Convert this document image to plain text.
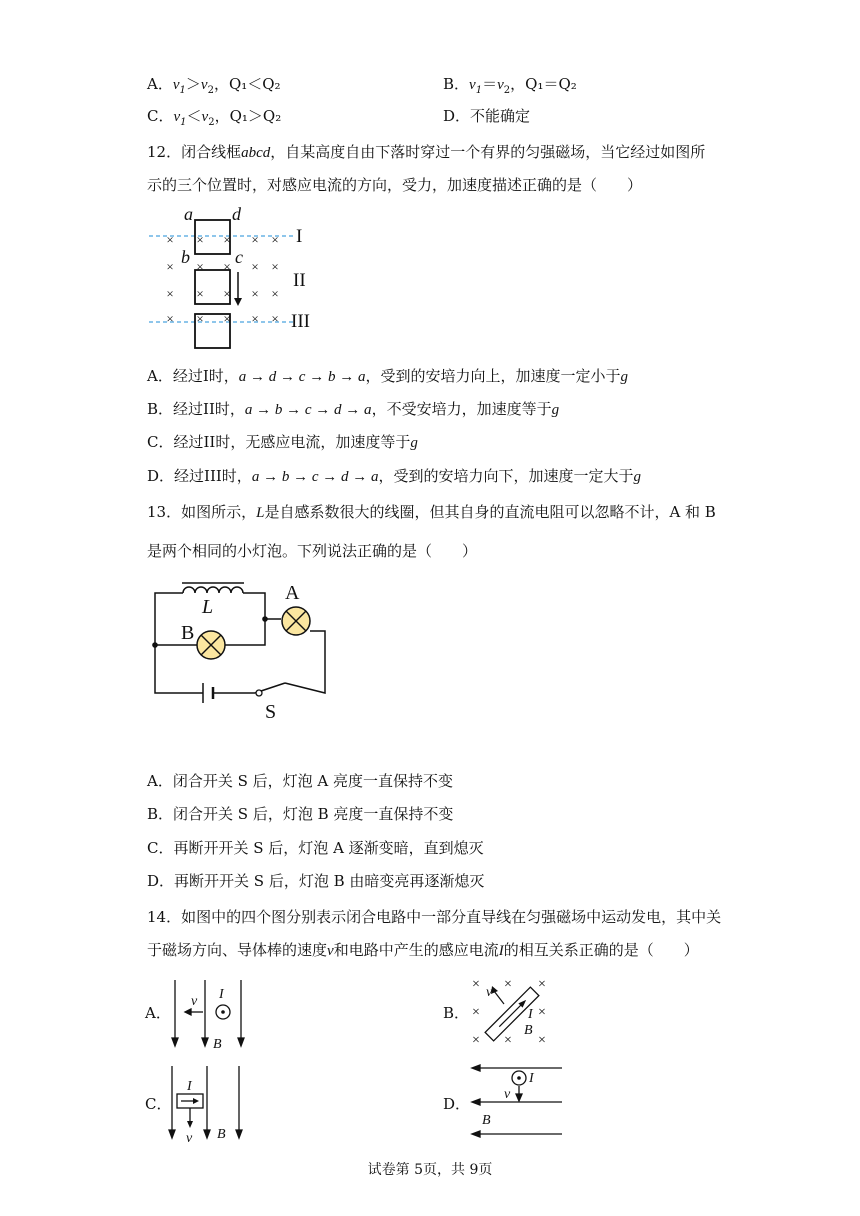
A．$v_1>v_2$，Q₁＜Q₂	B．$v_1=v_2$，Q₁＝Q₂
C．$v_1<v_2$，Q₁＞Q₂	D．不能确定
12．闭合线框abcd，自某高度自由下落时穿过一个有界的匀强磁场，当它经过如图所
示的三个位置时，对感应电流的方向，受力，加速度描述正确的是（　　）
× × × × ×
× × × × ×
× × × × ×
× × × × ×
a d
b	c
I
II
III
A．经过I时，a → d → c → b → a，受到的安培力向上，加速度一定小于g
B．经过II时，a → b → c → d → a，不受安培力，加速度等于g
C．经过II时，无感应电流，加速度等于g
D．经过III时，a → b → c → d → a，受到的安培力向下，加速度一定大于g
13．如图所示，L是自感系数很大的线圈，但其自身的直流电阻可以忽略不计，A 和 B
是两个相同的小灯泡。下列说法正确的是（　　）
L
A
B
S
A．闭合开关 S 后，灯泡 A 亮度一直保持不变
B．闭合开关 S 后，灯泡 B 亮度一直保持不变
C．再断开开关 S 后，灯泡 A 逐渐变暗，直到熄灭
D．再断开开关 S 后，灯泡 B 由暗变亮再逐渐熄灭
14．如图中的四个图分别表示闭合电路中一部分直导线在匀强磁场中运动发电，其中关
于磁场方向、导体棒的速度v和电路中产生的感应电流I的相互关系正确的是（　　）
A．	B．
C．	D．
v I
B
× × ×
×	×
× × ×
v
I
B
I
v B
I
v
B
试卷第 5页，共 9页
